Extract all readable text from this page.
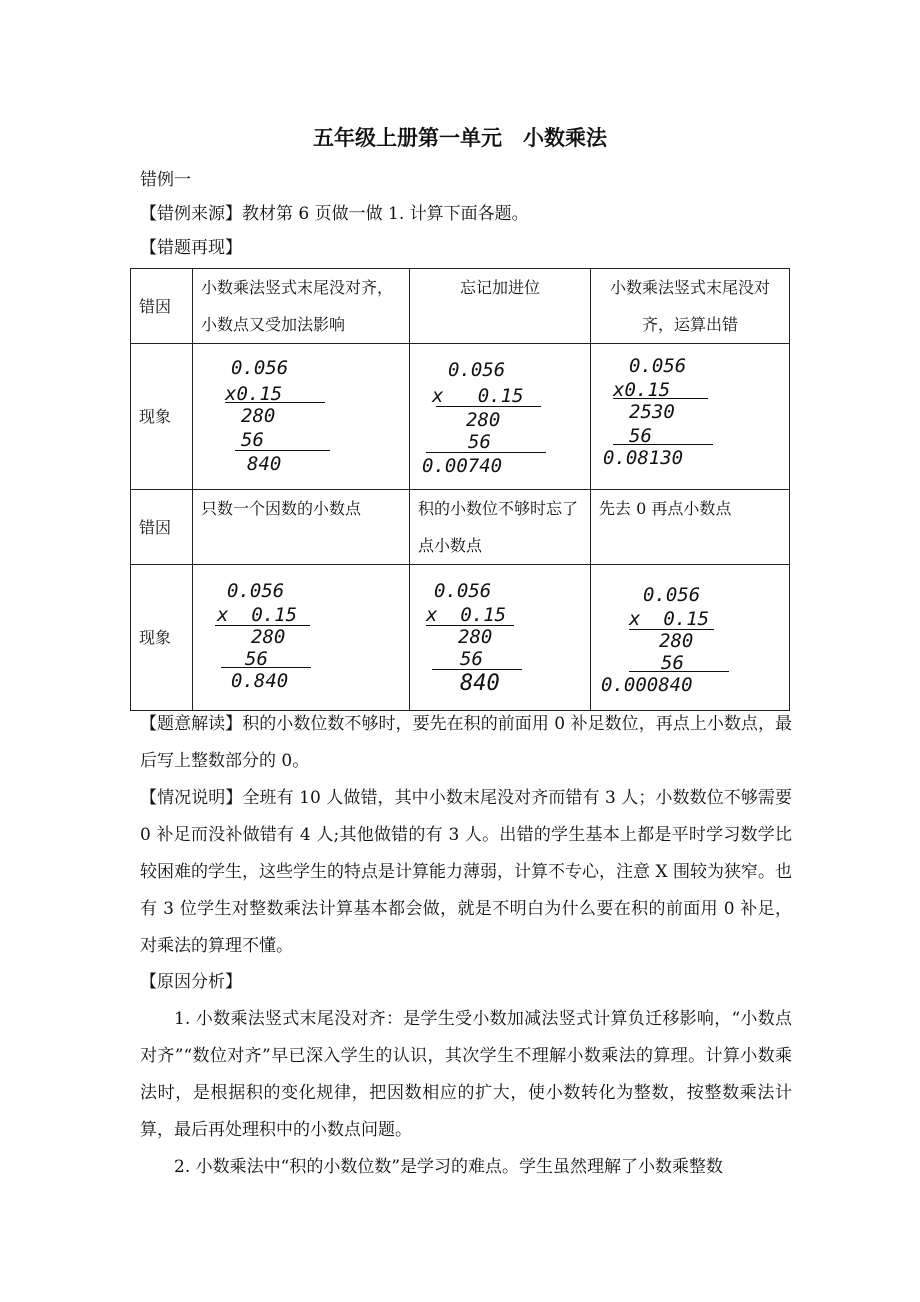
五年级上册第一单元　小数乘法
错例一
【错例来源】教材第 6 页做一做 1. 计算下面各题。
【错题再现】
错因	小数乘法竖式末尾没对齐，小数点又受加法影响	忘记加进位	小数乘法竖式末尾没对齐，运算出错
现象	0.056
x0.15
280
56
840	0.056
x   0.15
280
56
0.00740	0.056
x0.15
2530
56
0.08130

错因	只数一个因数的小数点	积的小数位不够时忘了点小数点	先去 0 再点小数点
现象	0.056
x  0.15
280
56
0.840	0.056
x  0.15
280
56
840	0.056
x  0.15
280
56
0.000840
【题意解读】积的小数位数不够时，要先在积的前面用 0 补足数位，再点上小数点，最后写上整数部分的 0。
【情况说明】全班有 10 人做错，其中小数末尾没对齐而错有 3 人；小数数位不够需要 0 补足而没补做错有 4 人;其他做错的有 3 人。出错的学生基本上都是平时学习数学比较困难的学生，这些学生的特点是计算能力薄弱，计算不专心，注意 X 围较为狭窄。也有 3 位学生对整数乘法计算基本都会做，就是不明白为什么要在积的前面用 0 补足，对乘法的算理不懂。
【原因分析】
1. 小数乘法竖式末尾没对齐：是学生受小数加减法竖式计算负迁移影响，“小数点对齐”“数位对齐”早已深入学生的认识，其次学生不理解小数乘法的算理。计算小数乘法时，是根据积的变化规律，把因数相应的扩大，使小数转化为整数，按整数乘法计算，最后再处理积中的小数点问题。
2. 小数乘法中“积的小数位数”是学习的难点。学生虽然理解了小数乘整数
